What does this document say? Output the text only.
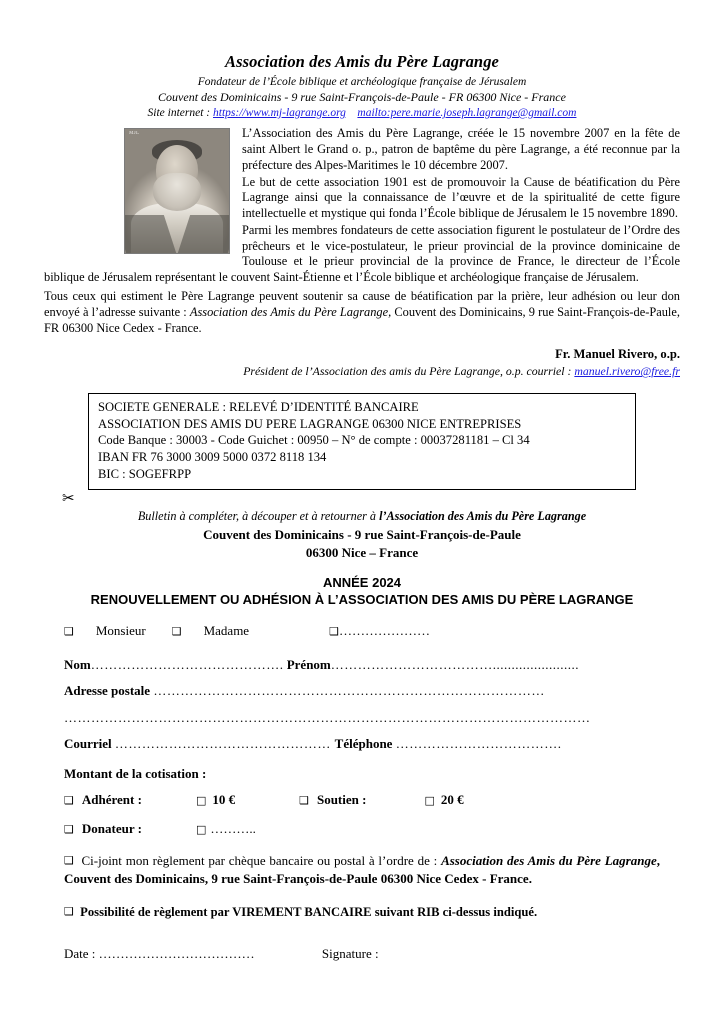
Association des Amis du Père Lagrange
Fondateur de l’École biblique et archéologique française de Jérusalem
Couvent des Dominicains - 9 rue Saint-François-de-Paule - FR 06300 Nice - France
Site internet : https://www.mj-lagrange.org mailto:pere.marie.joseph.lagrange@gmail.com
MJL	L’Association des Amis du Père Lagrange, créée le 15 novembre 2007 en la fête de saint Albert le Grand o. p., patron de baptême du père Lagrange, a été reconnue par la préfecture des Alpes-Maritimes le 10 décembre 2007.

Le but de cette association 1901 est de promouvoir la Cause de béatification du Père Lagrange ainsi que la connaissance de l’œuvre et de la spiritualité de cette figure intellectuelle et mystique qui fonda l’École biblique de Jérusalem le 15 novembre 1890.

Parmi les membres fondateurs de cette association figurent le postulateur de l’Ordre des prêcheurs et le vice-postulateur, le prieur provincial de la province dominicaine de Toulouse et le prieur provincial de la province de France, le directeur de l’École biblique de Jérusalem représentant le couvent Saint-Étienne et l’École biblique et archéologique française de Jérusalem.

Tous ceux qui estiment le Père Lagrange peuvent soutenir sa cause de béatification par la prière, leur adhésion ou leur don envoyé à l’adresse suivante : Association des Amis du Père Lagrange, Couvent des Dominicains, 9 rue Saint-François-de-Paule, FR 06300 Nice Cedex - France.
Fr. Manuel Rivero, o.p.
Président de l’Association des amis du Père Lagrange, o.p. courriel : manuel.rivero@free.fr
SOCIETE GENERALE : RELEVÉ D’IDENTITÉ BANCAIRE
ASSOCIATION DES AMIS DU PERE LAGRANGE 06300 NICE ENTREPRISES
Code Banque : 30003 - Code Guichet : 00950 – N° de compte : 00037281181 – Cl 34
IBAN FR 76 3000 3009 5000 0372 8118 134
BIC : SOGEFRPP
✂
Bulletin à compléter, à découper et à retourner à l’Association des Amis du Père Lagrange
Couvent des Dominicains - 9 rue Saint-François-de-Paule
06300 Nice – France
ANNÉE 2024
RENOUVELLEMENT OU ADHÉSION À L’ASSOCIATION DES AMIS DU PÈRE LAGRANGE
❑ Monsieur ❑ Madame	❑ …………………
Nom……………………………………. Prénom……………………………….......................
Adresse postale ……………………………………………………………………………
………………………………………………………………………………………………………
Courriel ………………………………………… Téléphone ……………………………….
Montant de la cotisation :
❑ Adhérent :	□ 10 €	❑ Soutien :	□ 20 €
❑ Donateur :	□ ………..
❑ Ci-joint mon règlement par chèque bancaire ou postal à l’ordre de : Association des Amis du Père Lagrange, Couvent des Dominicains, 9 rue Saint-François-de-Paule 06300 Nice Cedex - France.
❑ Possibilité de règlement par VIREMENT BANCAIRE suivant RIB ci-dessus indiqué.
Date : ………………………………	Signature :
